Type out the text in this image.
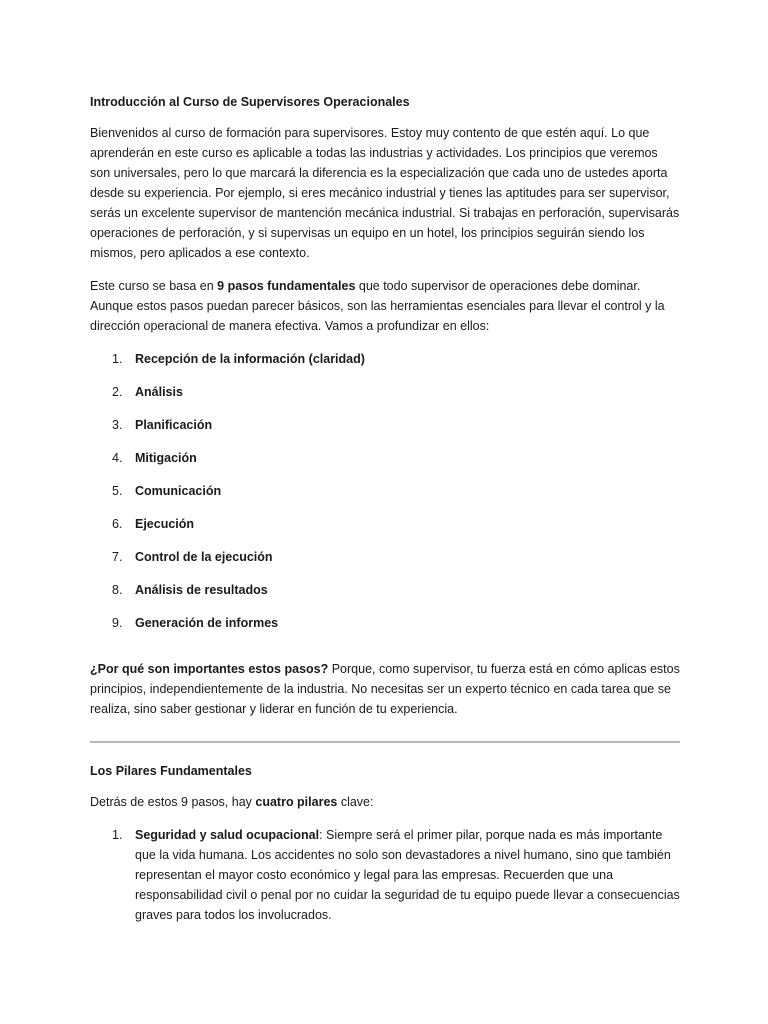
Introducción al Curso de Supervisores Operacionales

Bienvenidos al curso de formación para supervisores. Estoy muy contento de que estén aquí. Lo que aprenderán en este curso es aplicable a todas las industrias y actividades. Los principios que veremos son universales, pero lo que marcará la diferencia es la especialización que cada uno de ustedes aporta desde su experiencia. Por ejemplo, si eres mecánico industrial y tienes las aptitudes para ser supervisor, serás un excelente supervisor de mantención mecánica industrial. Si trabajas en perforación, supervisarás operaciones de perforación, y si supervisas un equipo en un hotel, los principios seguirán siendo los mismos, pero aplicados a ese contexto.

Este curso se basa en 9 pasos fundamentales que todo supervisor de operaciones debe dominar. Aunque estos pasos puedan parecer básicos, son las herramientas esenciales para llevar el control y la dirección operacional de manera efectiva. Vamos a profundizar en ellos:

1.	Recepción de la información (claridad)
2.	Análisis
3.	Planificación
4.	Mitigación
5.	Comunicación
6.	Ejecución
7.	Control de la ejecución
8.	Análisis de resultados
9.	Generación de informes

¿Por qué son importantes estos pasos? Porque, como supervisor, tu fuerza está en cómo aplicas estos principios, independientemente de la industria. No necesitas ser un experto técnico en cada tarea que se realiza, sino saber gestionar y liderar en función de tu experiencia.

Los Pilares Fundamentales

Detrás de estos 9 pasos, hay cuatro pilares clave:

1.	Seguridad y salud ocupacional: Siempre será el primer pilar, porque nada es más importante que la vida humana. Los accidentes no solo son devastadores a nivel humano, sino que también representan el mayor costo económico y legal para las empresas. Recuerden que una responsabilidad civil o penal por no cuidar la seguridad de tu equipo puede llevar a consecuencias graves para todos los involucrados.
